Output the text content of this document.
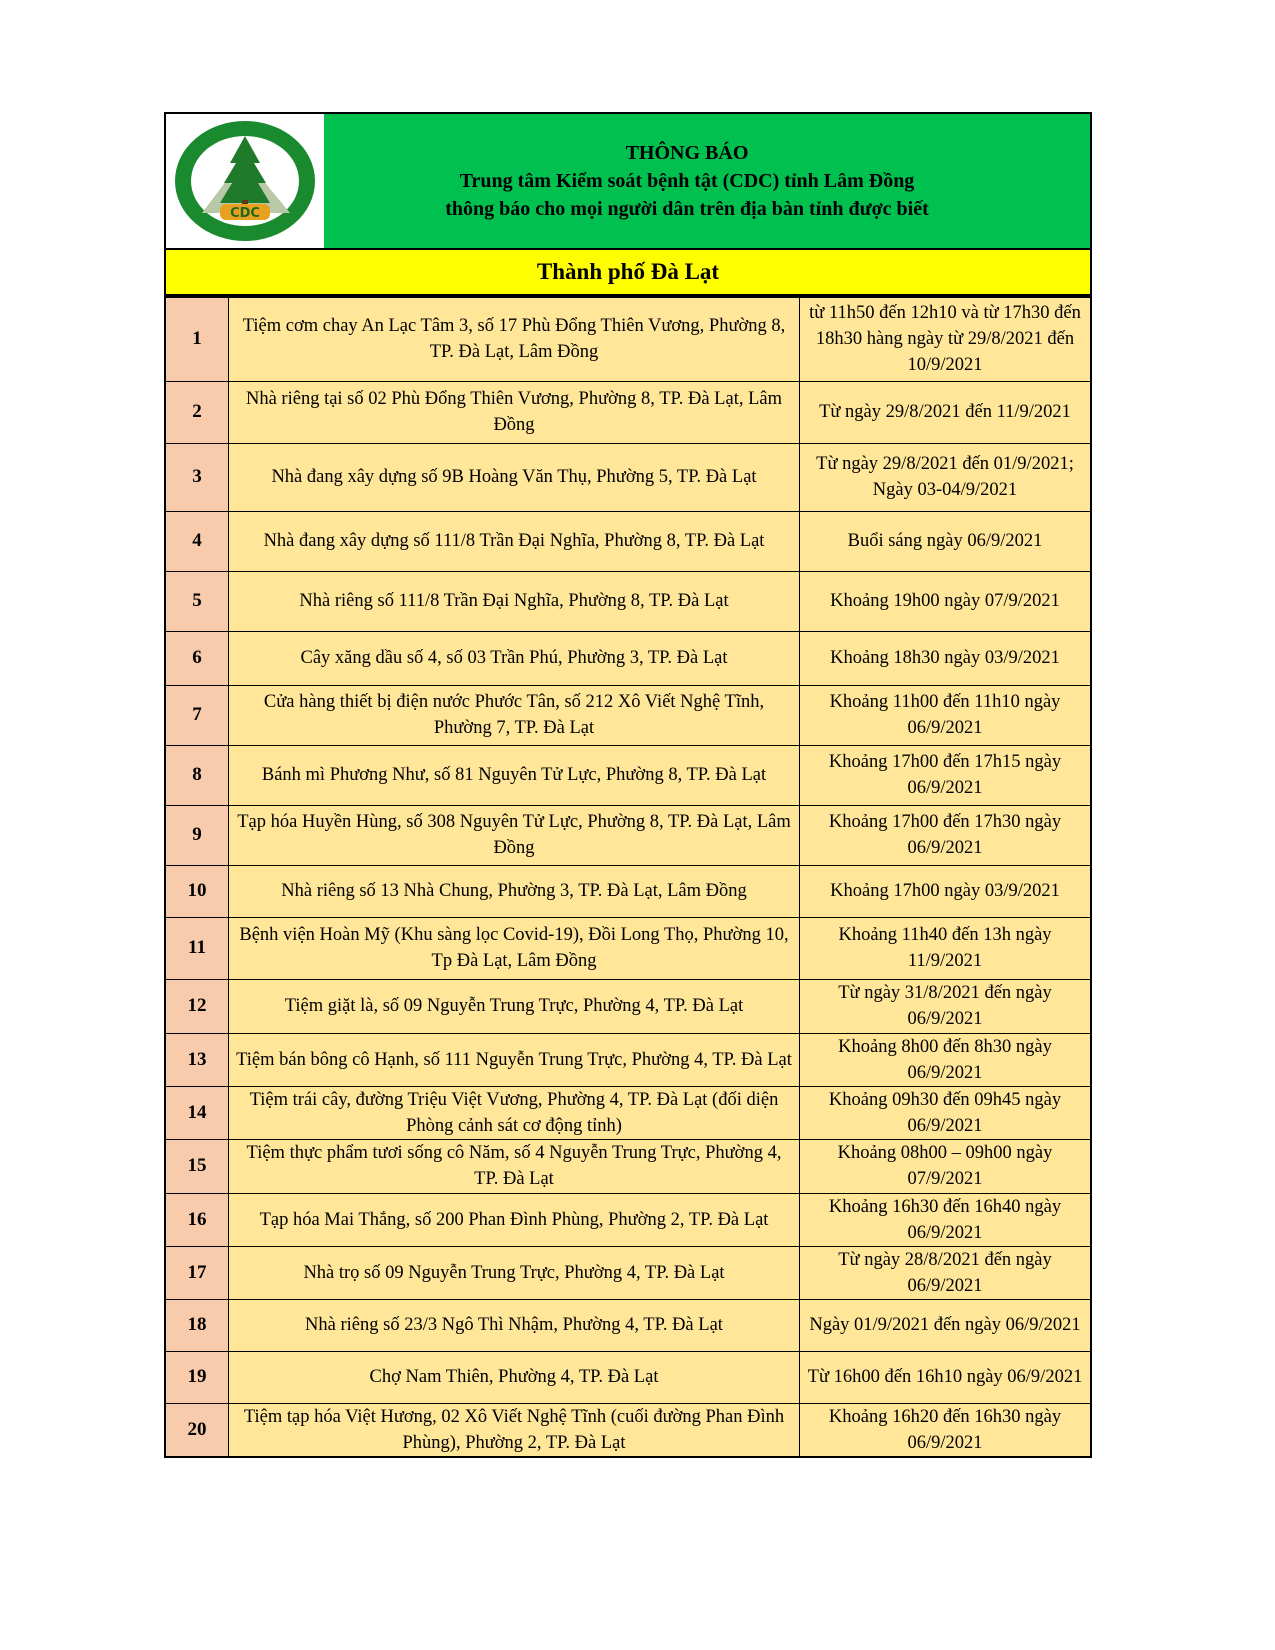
CDC
THÔNG BÁO
Trung tâm Kiểm soát bệnh tật (CDC) tỉnh Lâm Đồng
thông báo cho mọi người dân trên địa bàn tỉnh được biết
Thành phố Đà Lạt
1	Tiệm cơm chay An Lạc Tâm 3, số 17 Phù Đổng Thiên Vương, Phường 8, TP. Đà Lạt, Lâm Đồng	từ 11h50 đến 12h10 và từ 17h30 đến 18h30 hàng ngày từ 29/8/2021 đến 10/9/2021
2	Nhà riêng tại số 02 Phù Đổng Thiên Vương, Phường 8, TP. Đà Lạt, Lâm Đồng	Từ ngày 29/8/2021 đến 11/9/2021
3	Nhà đang xây dựng số 9B Hoàng Văn Thụ, Phường 5, TP. Đà Lạt	Từ ngày 29/8/2021 đến 01/9/2021; Ngày 03-04/9/2021
4	Nhà đang xây dựng số 111/8 Trần Đại Nghĩa, Phường 8, TP. Đà Lạt	Buổi sáng ngày 06/9/2021
5	Nhà riêng số 111/8 Trần Đại Nghĩa, Phường 8, TP. Đà Lạt	Khoảng 19h00 ngày 07/9/2021
6	Cây xăng dầu số 4, số 03 Trần Phú, Phường 3, TP. Đà Lạt	Khoảng 18h30 ngày 03/9/2021
7	Cửa hàng thiết bị điện nước Phước Tân, số 212 Xô Viết Nghệ Tĩnh, Phường 7, TP. Đà Lạt	Khoảng 11h00 đến 11h10 ngày 06/9/2021
8	Bánh mì Phương Như, số 81 Nguyên Tử Lực, Phường 8, TP. Đà Lạt	Khoảng 17h00 đến 17h15 ngày 06/9/2021
9	Tạp hóa Huyền Hùng, số 308 Nguyên Tử Lực, Phường 8, TP. Đà Lạt, Lâm Đồng	Khoảng 17h00 đến 17h30 ngày 06/9/2021
10	Nhà riêng số 13 Nhà Chung, Phường 3, TP. Đà Lạt, Lâm Đồng	Khoảng 17h00 ngày 03/9/2021
11	Bệnh viện Hoàn Mỹ (Khu sàng lọc Covid-19), Đồi Long Thọ, Phường 10, Tp Đà Lạt, Lâm Đồng	Khoảng 11h40 đến 13h ngày 11/9/2021
12	Tiệm giặt là, số 09 Nguyễn Trung Trực, Phường 4, TP. Đà Lạt	Từ ngày 31/8/2021 đến ngày 06/9/2021
13	Tiệm bán bông cô Hạnh, số 111 Nguyễn Trung Trực, Phường 4, TP. Đà Lạt	Khoảng 8h00 đến 8h30 ngày 06/9/2021
14	Tiệm trái cây, đường Triệu Việt Vương, Phường 4, TP. Đà Lạt (đối diện Phòng cảnh sát cơ động tỉnh)	Khoảng 09h30 đến 09h45 ngày 06/9/2021
15	Tiệm thực phẩm tươi sống cô Năm, số 4 Nguyễn Trung Trực, Phường 4, TP. Đà Lạt	Khoảng 08h00 – 09h00 ngày 07/9/2021
16	Tạp hóa Mai Thắng, số 200 Phan Đình Phùng, Phường 2, TP. Đà Lạt	Khoảng 16h30 đến 16h40 ngày 06/9/2021
17	Nhà trọ số 09 Nguyễn Trung Trực, Phường 4, TP. Đà Lạt	Từ ngày 28/8/2021 đến ngày 06/9/2021
18	Nhà riêng số 23/3 Ngô Thì Nhậm, Phường 4, TP. Đà Lạt	Ngày 01/9/2021 đến ngày 06/9/2021
19	Chợ Nam Thiên, Phường 4, TP. Đà Lạt	Từ 16h00 đến 16h10 ngày 06/9/2021
20	Tiệm tạp hóa Việt Hương, 02 Xô Viết Nghệ Tĩnh (cuối đường Phan Đình Phùng), Phường 2, TP. Đà Lạt	Khoảng 16h20 đến 16h30 ngày 06/9/2021
